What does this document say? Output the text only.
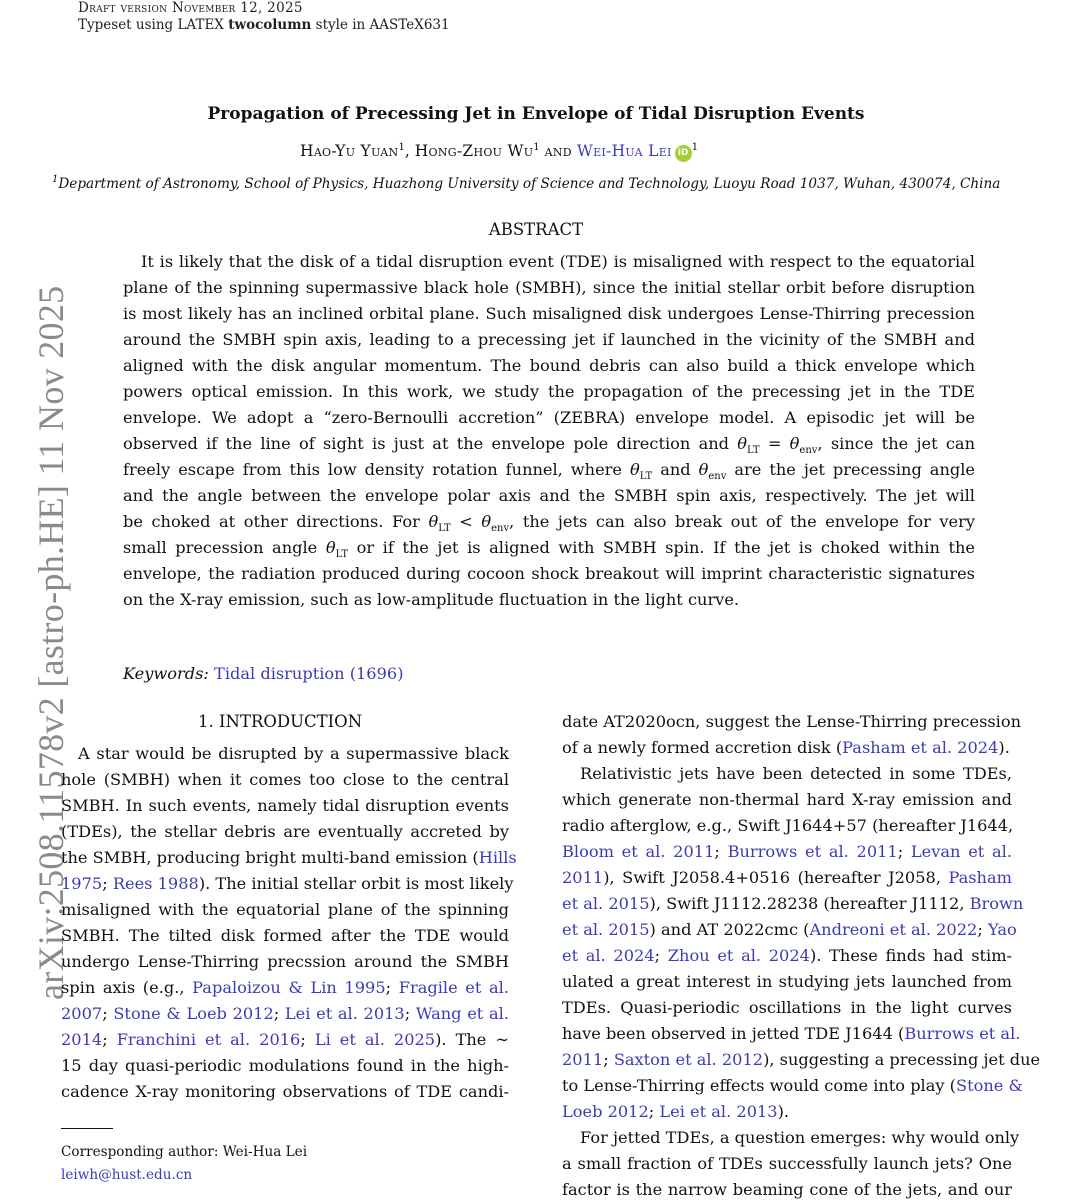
Draft version November 12, 2025
Typeset using LATEX twocolumn style in AASTeX631
arXiv:2508.11578v2 [astro-ph.HE] 11 Nov 2025
Propagation of Precessing Jet in Envelope of Tidal Disruption Events
Hao-Yu Yuan$^1$, Hong-Zhou Wu$^1$ and Wei-Hua Lei iD $^1$
$^1$Department of Astronomy, School of Physics, Huazhong University of Science and Technology, Luoyu Road 1037, Wuhan, 430074, China
ABSTRACT
It is likely that the disk of a tidal disruption event (TDE) is misaligned with respect to the equatorial
plane of the spinning supermassive black hole (SMBH), since the initial stellar orbit before disruption
is most likely has an inclined orbital plane. Such misaligned disk undergoes Lense-Thirring precession
around the SMBH spin axis, leading to a precessing jet if launched in the vicinity of the SMBH and
aligned with the disk angular momentum. The bound debris can also build a thick envelope which
powers optical emission. In this work, we study the propagation of the precessing jet in the TDE
envelope. We adopt a “zero-Bernoulli accretion” (ZEBRA) envelope model. A episodic jet will be
observed if the line of sight is just at the envelope pole direction and $\theta_{LT} = \theta_{env}$, since the jet can
freely escape from this low density rotation funnel, where $\theta_{LT}$ and $\theta_{env}$ are the jet precessing angle
and the angle between the envelope polar axis and the SMBH spin axis, respectively. The jet will
be choked at other directions. For $\theta_{LT} < \theta_{env}$, the jets can also break out of the envelope for very
small precession angle $\theta_{LT}$ or if the jet is aligned with SMBH spin. If the jet is choked within the
envelope, the radiation produced during cocoon shock breakout will imprint characteristic signatures
on the X-ray emission, such as low-amplitude fluctuation in the light curve.
Keywords: Tidal disruption (1696)
1. INTRODUCTION
A star would be disrupted by a supermassive black
hole (SMBH) when it comes too close to the central
SMBH. In such events, namely tidal disruption events
(TDEs), the stellar debris are eventually accreted by
the SMBH, producing bright multi-band emission (Hills
1975; Rees 1988). The initial stellar orbit is most likely
misaligned with the equatorial plane of the spinning
SMBH. The tilted disk formed after the TDE would
undergo Lense-Thirring precssion around the SMBH
spin axis (e.g., Papaloizou & Lin 1995; Fragile et al.
2007; Stone & Loeb 2012; Lei et al. 2013; Wang et al.
2014; Franchini et al. 2016; Li et al. 2025). The ∼
15 day quasi-periodic modulations found in the high-
cadence X-ray monitoring observations of TDE candi-
Corresponding author: Wei-Hua Lei
leiwh@hust.edu.cn
date AT2020ocn, suggest the Lense-Thirring precession
of a newly formed accretion disk (Pasham et al. 2024).
Relativistic jets have been detected in some TDEs,
which generate non-thermal hard X-ray emission and
radio afterglow, e.g., Swift J1644+57 (hereafter J1644,
Bloom et al. 2011; Burrows et al. 2011; Levan et al.
2011), Swift J2058.4+0516 (hereafter J2058, Pasham
et al. 2015), Swift J1112.28238 (hereafter J1112, Brown
et al. 2015) and AT 2022cmc (Andreoni et al. 2022; Yao
et al. 2024; Zhou et al. 2024). These finds had stim-
ulated a great interest in studying jets launched from
TDEs. Quasi-periodic oscillations in the light curves
have been observed in jetted TDE J1644 (Burrows et al.
2011; Saxton et al. 2012), suggesting a precessing jet due
to Lense-Thirring effects would come into play (Stone &
Loeb 2012; Lei et al. 2013).
For jetted TDEs, a question emerges: why would only
a small fraction of TDEs successfully launch jets? One
factor is the narrow beaming cone of the jets, and our
